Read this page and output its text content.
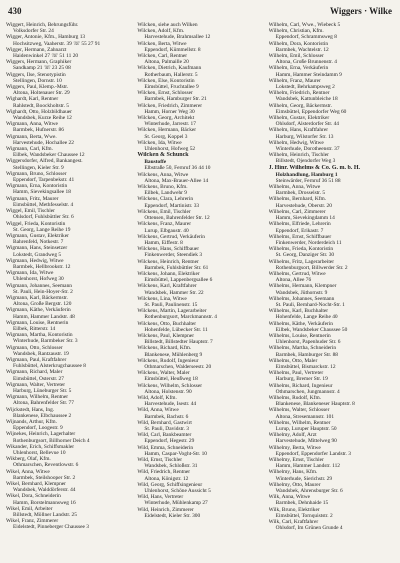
430	Wiggers · Wilke
Wiggert, Heinrich, Behrungsführ.
Volksdorfer Str. 24
Wigger, Antonie, Kfm., Hamburg 13
Hochsitzweg, Vaaherstr. 39 ☏ 55 27 91
Wigger, Hermann, Zahnarzt
Haidenwinkel 27 ☏ 51 11 20
Wiggers, Hermann, Graphiker
Sandkamp 21 ☏ 23 25 08
Wiggers, Ilse, Stenotypistin
Stellingen, Dornstr. 10
Wiggers, Paul, Klemp.-Mstr.
Altona, Holtenauer Str. 29
Wighardt, Karl, Rentner
Rahlstedt, Boockholtstr. 5
Wighardt, Otto, Holzbildhauer
Wandsbek, Kurze Reihe 12
Wigmann, Anna, Witwe
Barmbek, Hufnerstr. 86
Wigmann, Berta, Wwe.
Harvestehude, Hochallee 22
Wigmann, Carl, Kfm.
Eilbek, Wandsbeker Chaussee 12
Wiggersdorfer, Alfred, Bankangest.
Stellingen, Kieler Str. 9
Wigmann, Bruno, Schlosser
Eppendorf, Tarpenbekstr. 41
Wigmann, Erna, Kontoristin
Hamm, Sievekingsallee 18
Wigmann, Fritz, Maurer
Eimsbüttel, Methfesselstr. 4
Wiggel, Emil, Tischler
Ohlsdorf, Fuhlsbüttler Str. 6
Wiggel, Frieda, Kontoristin
St. Georg, Lange Reihe 19
Wigmann, Gustav, Elektriker
Bahrenfeld, Notkestr. 7
Wigmann, Hans, Steinsetzer
Lokstedt, Grandweg 5
Wigmann, Hedwig, Witwe
Barmbek, Hellbrookstr. 12
Wigmann, Ida, Witwe
Uhlenhorst, Hofweg 30
Wigmann, Johannes, Seemann
St. Pauli, Hein-Hoyer-Str. 2
Wigmann, Karl, Bäckermstr.
Altona, Große Bergstr. 120
Wigmann, Käthe, Verkäuferin
Hamm, Hammer Landstr. 48
Wigmann, Louise, Rentnerin
Eilbek, Ritterstr. 14
Wigmann, Martha, Kontoristin
Winterhude, Barmbeker Str. 3
Wigmann, Otto, Schlosser
Wandsbek, Rantzaustr. 19
Wigmann, Paul, Kraftfahrer
Fuhlsbüttel, Alsterkrugchaussee 8
Wigmann, Richard, Maler
Eimsbüttel, Osterstr. 27
Wigmann, Walter, Vertreter
Harburg, Lüneburger Str. 5
Wigmann, Wilhelm, Rentner
Altona, Bahrenfelder Str. 77
Wijckstedt, Hans, Ing.
Blankenese, Elbchaussee 2
Wijnands, Arthur, Kfm.
Eppendorf, Loogestr. 9
Wijnekes, Heinrich, Lagerhalter
Rothenburgsort, Billhorner Deich 4
Wikander, Erich, Schiffsmakler
Uhlenhorst, Bellevue 10
Wikberg, Olaf, Kfm.
Othmarschen, Reventlowstr. 6
Wikel, Anna, Witwe
Barmbek, Steilshooper Str. 2
Wikel, Bernhard, Klempner
Wandsbek, Walddörferstr. 44
Wikel, Dora, Schneiderin
Hamm, Borstelmannsweg 16
Wikel, Emil, Arbeiter
Billstedt, Möllner Landstr. 25
Wikel, Franz, Zimmerer
Eidelstedt, Pinneberger Chaussee 3
Wilcken, siehe auch Wilken
Wilcken, Adolf, Kfm.
Harvestehude, Brahmsallee 12
Wilcken, Berta, Witwe
Eppendorf, Kümmellstr. 8
Wilcken, Carl, Rentner
Altona, Palmaille 20
Wilcken, Dietrich, Kaufmann
Rotherbaum, Hallerstr. 5
Wilcken, Else, Kontoristin
Eimsbüttel, Fruchtallee 9
Wilcken, Ernst, Schlosser
Barmbek, Hamburger Str. 21
Wilcken, Friedrich, Zimmerer
Hamm, Horner Weg 30
Wilcken, Georg, Architekt
Winterhude, Jarrestr. 17
Wilcken, Hermann, Bäcker
St. Georg, Koppel 3
Wilcken, Ida, Witwe
Uhlenhorst, Hofweg 52
Wilcken & Schunck
Baustoffe
Elbstraße 50, Fernruf 36 44 10
Wilckens, Anna, Witwe
Altona, Max-Brauer-Allee 14
Wilckens, Bruno, Kfm.
Eilbek, Landwehr 9
Wilckens, Clara, Lehrerin
Eppendorf, Martinistr. 33
Wilckens, Emil, Tischler
Ottensen, Bahrenfelder Str. 12
Wilckens, Franz, Maurer
Lurup, Elbgaustr. 40
Wilckens, Gertrud, Verkäuferin
Hamm, Eiffestr. 8
Wilckens, Hans, Schiffbauer
Finkenwerder, Steendiek 3
Wilckens, Heinrich, Rentner
Barmbek, Fuhlsbüttler Str. 61
Wilckens, Johann, Elektriker
Eimsbüttel, Lappenbergsallee 6
Wilckens, Karl, Kraftfahrer
Wandsbek, Hammer Str. 22
Wilckens, Lina, Witwe
St. Pauli, Paulinenstr. 15
Wilckens, Martin, Lagerarbeiter
Rothenburgsort, Marckmannstr. 4
Wilckens, Otto, Buchhalter
Hohenfelde, Lübecker Str. 11
Wilckens, Paul, Klempner
Billstedt, Billstedter Hauptstr. 7
Wilckens, Richard, Kfm.
Blankenese, Mühlenberg 9
Wilckens, Rudolf, Ingenieur
Othmarschen, Walderseestr. 20
Wilckens, Walter, Maler
Eimsbüttel, Heußweg 18
Wilckens, Wilhelm, Schlosser
Altona, Holstenstr. 90
Wild, Adolf, Kfm.
Harvestehude, Isestr. 44
Wild, Anna, Witwe
Barmbek, Bachstr. 6
Wild, Bernhard, Gastwirt
St. Pauli, Davidstr. 3
Wild, Carl, Bankbeamter
Eppendorf, Hegestr. 29
Wild, Emma, Schneiderin
Hamm, Caspar-Voght-Str. 10
Wild, Ernst, Tischler
Wandsbek, Schloßstr. 31
Wild, Friedrich, Rentner
Altona, Königstr. 12
Wild, Georg, Schiffsingenieur
Uhlenhorst, Schöne Aussicht 5
Wild, Hans, Vertreter
Winterhude, Mühlenkamp 27
Wild, Heinrich, Zimmerer
Eidelstedt, Kieler Str. 300
Wilhelm, Carl, Wwe., Wiebeck 5
Wilhelm, Christian, Kfm.
Eppendorf, Schrammsweg 8
Wilhelm, Dora, Kontoristin
Barmbek, Wachtelstr. 12
Wilhelm, Emil, Schlosser
Altona, Große Brunnenstr. 4
Wilhelm, Erna, Verkäuferin
Hamm, Hammer Steindamm 9
Wilhelm, Franz, Maurer
Lokstedt, Behrkampsweg 2
Wilhelm, Friedrich, Rentner
Wandsbek, Kattunbleiche 18
Wilhelm, Georg, Bäckermstr.
Eimsbüttel, Eppendorfer Weg 60
Wilhelm, Gustav, Elektriker
Ohlsdorf, Alsterdorfer Str. 44
Wilhelm, Hans, Kraftfahrer
Harburg, Wilstorfer Str. 13
Wilhelm, Hedwig, Witwe
Winterhude, Dorotheenstr. 37
Wilhelm, Heinrich, Tischler
Billstedt, Öjendorfer Weg 3
J. Hinr. Wilhelms & Co. G. m. b. H.
Holzhandlung, Hamburg 1
Steinwärder, Fernruf 36 51 88
Wilhelms, Anna, Witwe
Barmbek, Drosselstr. 5
Wilhelms, Bernhard, Kfm.
Harvestehude, Oberstr. 20
Wilhelms, Carl, Zimmerer
Hamm, Sievekingdamm 14
Wilhelms, Elfriede, Lehrerin
Eppendorf, Erikastr. 7
Wilhelms, Ernst, Schiffbauer
Finkenwerder, Norderdeich 11
Wilhelms, Frieda, Kontoristin
St. Georg, Danziger Str. 30
Wilhelms, Fritz, Lagerarbeiter
Rothenburgsort, Billwerder Str. 2
Wilhelms, Gertrud, Witwe
Altona, Allee 76
Wilhelms, Hermann, Klempner
Wandsbek, Jüthornstr. 9
Wilhelms, Johannes, Seemann
St. Pauli, Bernhard-Nocht-Str. 1
Wilhelms, Karl, Buchhalter
Hohenfelde, Lange Reihe 40
Wilhelms, Käthe, Verkäuferin
Eilbek, Wandsbeker Chaussee 50
Wilhelms, Louise, Rentnerin
Uhlenhorst, Papenhuder Str. 6
Wilhelms, Martha, Schneiderin
Barmbek, Hamburger Str. 88
Wilhelms, Otto, Maler
Eimsbüttel, Bismarckstr. 12
Wilhelms, Paul, Vertreter
Harburg, Bremer Str. 19
Wilhelms, Richard, Ingenieur
Othmarschen, Jungmannstr. 4
Wilhelms, Rudolf, Kfm.
Blankenese, Blankeneser Hauptstr. 8
Wilhelms, Walter, Schlosser
Altona, Stresemannstr. 101
Wilhelms, Wilhelm, Rentner
Lurup, Luruper Hauptstr. 50
Wilhelmy, Adolf, Arzt
Harvestehude, Mittelweg 90
Wilhelmy, Berta, Witwe
Eppendorf, Eppendorfer Landstr. 3
Wilhelmy, Ernst, Tischler
Hamm, Hammer Landstr. 112
Wilhelmy, Hans, Kfm.
Winterhude, Sierichstr. 29
Wilhelmy, Otto, Maurer
Wandsbek, Ahrensburger Str. 6
Wilk, Anna, Witwe
Barmbek, Dehnhaide 15
Wilk, Bruno, Elektriker
Eimsbüttel, Tornquiststr. 2
Wilk, Carl, Kraftfahrer
Ohlsdorf, Im Grünen Grunde 4
